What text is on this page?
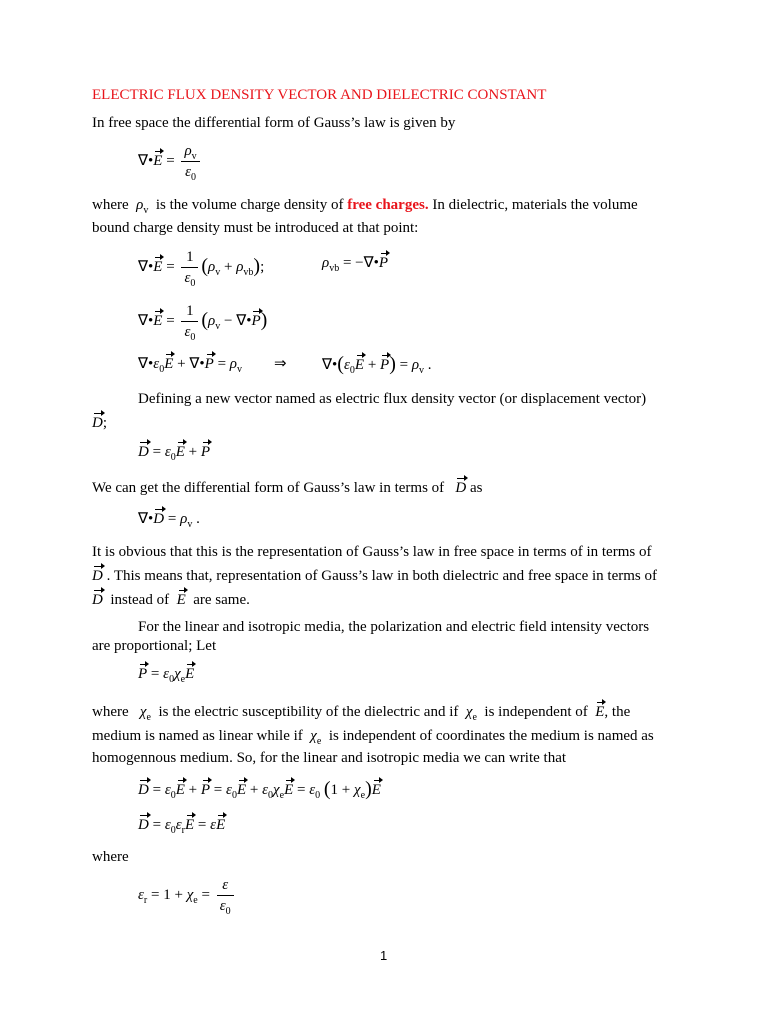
ELECTRIC FLUX DENSITY VECTOR AND DIELECTRIC CONSTANT
In free space the differential form of Gauss’s law is given by
∇•E = $\frac{\rho_v}{\varepsilon_0}$
where $\rho_v$ is the volume charge density of free charges. In dielectric, materials the volume
bound charge density must be introduced at that point:
∇•E = $\frac{1}{\varepsilon_0} (\rho_v + \rho_{vb})$;	$\rho_{vb}$ = −∇•P
∇•E = $\frac{1}{\varepsilon_0} (\rho_v$ − ∇•P)
$\nabla•\varepsilon_0E$ + ∇•P = $\rho_v$ ⇒ $\nabla•(\varepsilon_0E + P) = \rho_v$ .
Defining a new vector named as electric flux density vector (or displacement vector)
D;
$D = \varepsilon_0E + P$
We can get the differential form of Gauss’s law in terms of D as
∇•D = $\rho_v$ .
It is obvious that this is the representation of Gauss’s law in free space in terms of in terms of
D . This means that, representation of Gauss’s law in both dielectric and free space in terms of
D instead of E are same.
For the linear and isotropic media, the polarization and electric field intensity vectors
are proportional; Let
$P = \varepsilon_0\chi_eE$
where $\chi_e$ is the electric susceptibility of the dielectric and if $\chi_e$ is independent of E, the
medium is named as linear while if $\chi_e$ is independent of coordinates the medium is named as
homogennous medium. So, for the linear and isotropic media we can write that
$D = \varepsilon_0E + P = \varepsilon_0E + \varepsilon_0\chi_eE = \varepsilon_0$ $(1 + \chi_e)E$
$D = \varepsilon_0\varepsilon_rE = \varepsilon E$
where
$\varepsilon_r = 1 + \chi_e = \frac{\varepsilon}{\varepsilon_0}$
1
